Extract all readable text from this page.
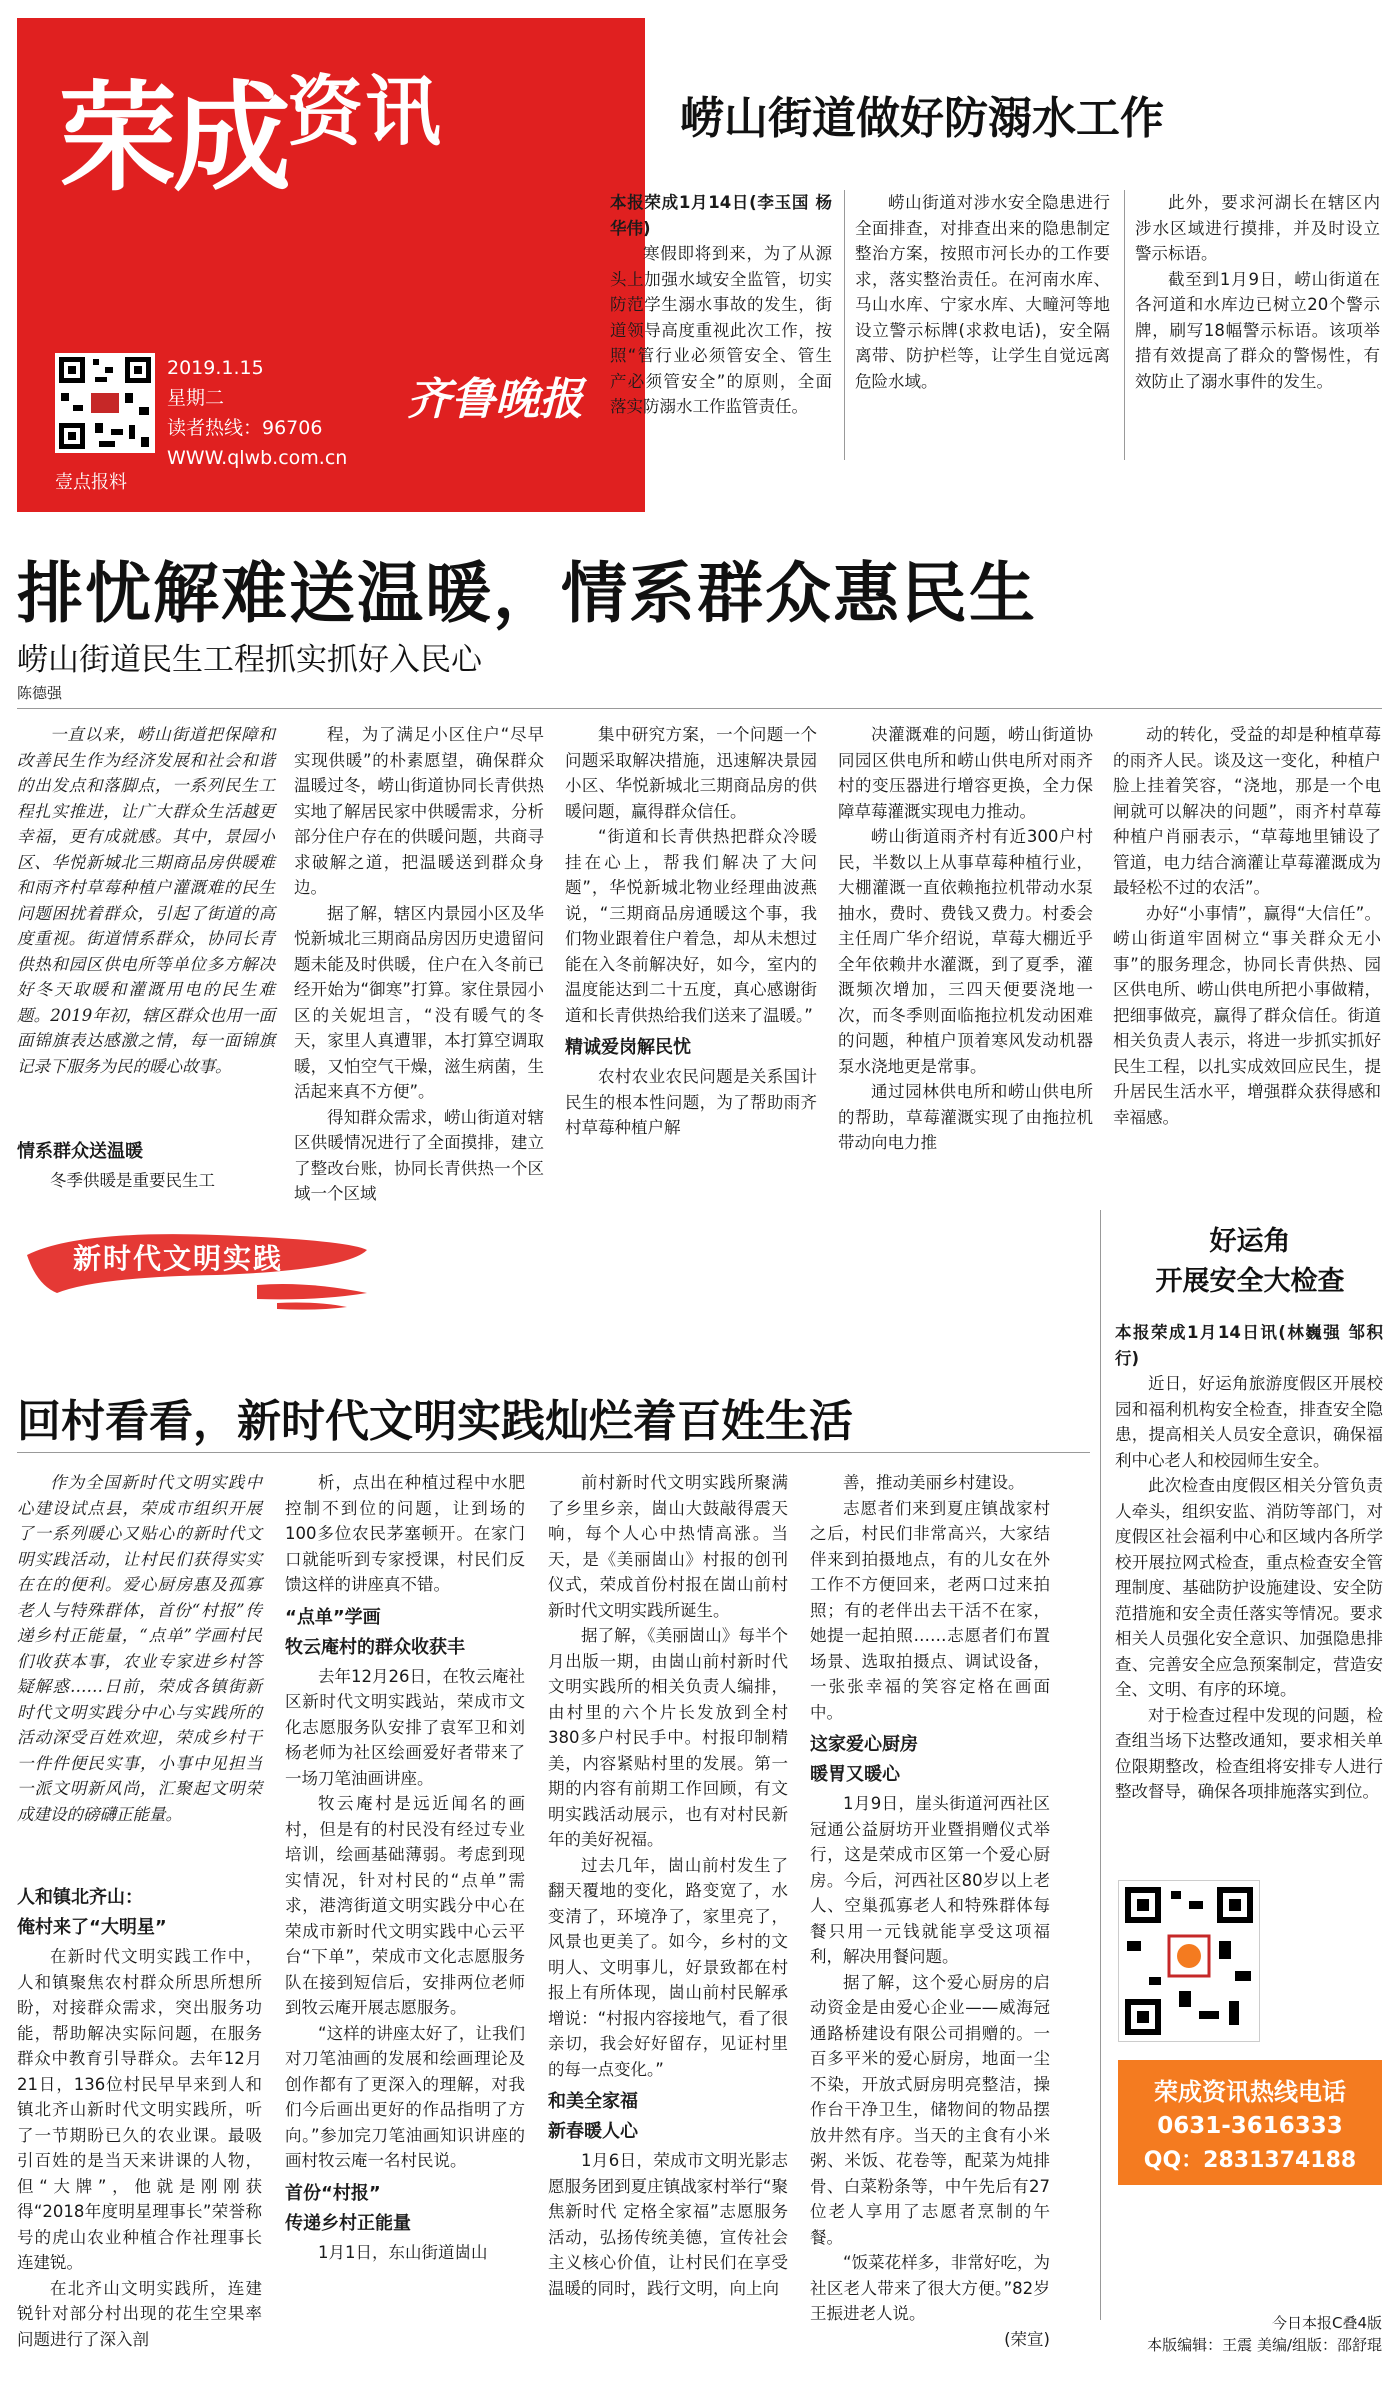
荣成资讯
壹点报料
2019.1.15
星期二
读者热线：96706
WWW.qlwb.com.cn
齐鲁晚报
崂山街道做好防溺水工作
本报荣成1月14日(李玉国 杨华伟)

寒假即将到来，为了从源头上加强水域安全监管，切实防范学生溺水事故的发生，街道领导高度重视此次工作，按照“管行业必须管安全、管生产必须管安全”的原则，全面落实防溺水工作监管责任。

崂山街道对涉水安全隐患进行全面排查，对排查出来的隐患制定整治方案，按照市河长办的工作要求，落实整治责任。在河南水库、马山水库、宁家水库、大疃河等地设立警示标牌(求救电话)，安全隔离带、防护栏等，让学生自觉远离危险水域。

此外，要求河湖长在辖区内涉水区域进行摸排，并及时设立警示标语。

截至到1月9日，崂山街道在各河道和水库边已树立20个警示牌，刷写18幅警示标语。该项举措有效提高了群众的警惕性，有效防止了溺水事件的发生。

排忧解难送温暖，情系群众惠民生
崂山街道民生工程抓实抓好入民心
陈德强

一直以来，崂山街道把保障和改善民生作为经济发展和社会和谐的出发点和落脚点，一系列民生工程扎实推进，让广大群众生活越更幸福，更有成就感。其中，景园小区、华悦新城北三期商品房供暖难和雨齐村草莓种植户灌溉难的民生问题困扰着群众，引起了街道的高度重视。街道情系群众，协同长青供热和园区供电所等单位多方解决好冬天取暖和灌溉用电的民生难题。2019年初，辖区群众也用一面面锦旗表达感激之情，每一面锦旗记录下服务为民的暖心故事。

情系群众送温暖

冬季供暖是重要民生工

程，为了满足小区住户“尽早实现供暖”的朴素愿望，确保群众温暖过冬，崂山街道协同长青供热实地了解居民家中供暖需求，分析部分住户存在的供暖问题，共商寻求破解之道，把温暖送到群众身边。

据了解，辖区内景园小区及华悦新城北三期商品房因历史遗留问题未能及时供暖，住户在入冬前已经开始为“御寒”打算。家住景园小区的关妮坦言，“没有暖气的冬天，家里人真遭罪，本打算空调取暖，又怕空气干燥，滋生病菌，生活起来真不方便”。

得知群众需求，崂山街道对辖区供暖情况进行了全面摸排，建立了整改台账，协同长青供热一个区域一个区域

集中研究方案，一个问题一个问题采取解决措施，迅速解决景园小区、华悦新城北三期商品房的供暖问题，赢得群众信任。

“街道和长青供热把群众冷暖挂在心上，帮我们解决了大问题”，华悦新城北物业经理曲波燕说，“三期商品房通暖这个事，我们物业跟着住户着急，却从未想过能在入冬前解决好，如今，室内的温度能达到二十五度，真心感谢街道和长青供热给我们送来了温暖。”

精诚爱岗解民忧

农村农业农民问题是关系国计民生的根本性问题，为了帮助雨齐村草莓种植户解

决灌溉难的问题，崂山街道协同园区供电所和崂山供电所对雨齐村的变压器进行增容更换，全力保障草莓灌溉实现电力推动。

崂山街道雨齐村有近300户村民，半数以上从事草莓种植行业，大棚灌溉一直依赖拖拉机带动水泵抽水，费时、费钱又费力。村委会主任周广华介绍说，草莓大棚近乎全年依赖井水灌溉，到了夏季，灌溉频次增加，三四天便要浇地一次，而冬季则面临拖拉机发动困难的问题，种植户顶着寒风发动机器泵水浇地更是常事。

通过园林供电所和崂山供电所的帮助，草莓灌溉实现了由拖拉机带动向电力推

动的转化，受益的却是种植草莓的雨齐人民。谈及这一变化，种植户脸上挂着笑容，“浇地，那是一个电闸就可以解决的问题”，雨齐村草莓种植户肖丽表示，“草莓地里铺设了管道，电力结合滴灌让草莓灌溉成为最轻松不过的农活”。

办好“小事情”，赢得“大信任”。崂山街道牢固树立“事关群众无小事”的服务理念，协同长青供热、园区供电所、崂山供电所把小事做精，把细事做亮，赢得了群众信任。街道相关负责人表示，将进一步抓实抓好民生工程，以扎实成效回应民生，提升居民生活水平，增强群众获得感和幸福感。

新时代文明实践
回村看看，新时代文明实践灿烂着百姓生活

作为全国新时代文明实践中心建设试点县，荣成市组织开展了一系列暖心又贴心的新时代文明实践活动，让村民们获得实实在在的便利。爱心厨房惠及孤寡老人与特殊群体，首份“村报”传递乡村正能量，“点单”学画村民们收获本事，农业专家进乡村答疑解惑……日前，荣成各镇街新时代文明实践分中心与实践所的活动深受百姓欢迎，荣成乡村干一件件便民实事，小事中见担当一派文明新风尚，汇聚起文明荣成建设的磅礴正能量。

人和镇北齐山：
俺村来了“大明星”

在新时代文明实践工作中，人和镇聚焦农村群众所思所想所盼，对接群众需求，突出服务功能，帮助解决实际问题，在服务群众中教育引导群众。去年12月21日，136位村民早早来到人和镇北齐山新时代文明实践所，听了一节期盼已久的农业课。最吸引百姓的是当天来讲课的人物，但“大牌”，他就是刚刚获得“2018年度明星理事长”荣誉称号的虎山农业种植合作社理事长连建锐。

在北齐山文明实践所，连建锐针对部分村出现的花生空果率问题进行了深入剖

析，点出在种植过程中水肥控制不到位的问题，让到场的100多位农民茅塞顿开。在家门口就能听到专家授课，村民们反馈这样的讲座真不错。

“点单”学画
牧云庵村的群众收获丰

去年12月26日，在牧云庵社区新时代文明实践站，荣成市文化志愿服务队安排了袁军卫和刘杨老师为社区绘画爱好者带来了一场刀笔油画讲座。

牧云庵村是远近闻名的画村，但是有的村民没有经过专业培训，绘画基础薄弱。考虑到现实情况，针对村民的“点单”需求，港湾街道文明实践分中心在荣成市新时代文明实践中心云平台“下单”，荣成市文化志愿服务队在接到短信后，安排两位老师到牧云庵开展志愿服务。

“这样的讲座太好了，让我们对刀笔油画的发展和绘画理论及创作都有了更深入的理解，对我们今后画出更好的作品指明了方向。”参加完刀笔油画知识讲座的画村牧云庵一名村民说。

首份“村报”
传递乡村正能量

1月1日，东山街道崮山

前村新时代文明实践所聚满了乡里乡亲，崮山大鼓敲得震天响，每个人心中热情高涨。当天，是《美丽崮山》村报的创刊仪式，荣成首份村报在崮山前村新时代文明实践所诞生。

据了解，《美丽崮山》每半个月出版一期，由崮山前村新时代文明实践所的相关负责人编排，由村里的六个片长发放到全村380多户村民手中。村报印制精美，内容紧贴村里的发展。第一期的内容有前期工作回顾，有文明实践活动展示，也有对村民新年的美好祝福。

过去几年，崮山前村发生了翻天覆地的变化，路变宽了，水变清了，环境净了，家里亮了，风景也更美了。如今，乡村的文明人、文明事儿，好景致都在村报上有所体现，崮山前村民解承增说：“村报内容接地气，看了很亲切，我会好好留存，见证村里的每一点变化。”

和美全家福
新春暖人心

1月6日，荣成市文明光影志愿服务团到夏庄镇战家村举行“聚焦新时代 定格全家福”志愿服务活动，弘扬传统美德，宣传社会主义核心价值，让村民们在享受温暖的同时，践行文明，向上向

善，推动美丽乡村建设。

志愿者们来到夏庄镇战家村之后，村民们非常高兴，大家结伴来到拍摄地点，有的儿女在外工作不方便回来，老两口过来拍照；有的老伴出去干活不在家，她提一起拍照……志愿者们布置场景、选取拍摄点、调试设备，一张张幸福的笑容定格在画面中。

这家爱心厨房
暖胃又暖心

1月9日，崖头街道河西社区冠通公益厨坊开业暨捐赠仪式举行，这是荣成市区第一个爱心厨房。今后，河西社区80岁以上老人、空巢孤寡老人和特殊群体每餐只用一元钱就能享受这项福利，解决用餐问题。

据了解，这个爱心厨房的启动资金是由爱心企业——威海冠通路桥建设有限公司捐赠的。一百多平米的爱心厨房，地面一尘不染，开放式厨房明亮整洁，操作台干净卫生，储物间的物品摆放井然有序。当天的主食有小米粥、米饭、花卷等，配菜为炖排骨、白菜粉条等，中午先后有27位老人享用了志愿者烹制的午餐。

“饭菜花样多，非常好吃，为社区老人带来了很大方便。”82岁王振进老人说。

(荣宣)
好运角
开展安全大检查
本报荣成1月14日讯(林巍强 邹积行)

近日，好运角旅游度假区开展校园和福利机构安全检查，排查安全隐患，提高相关人员安全意识，确保福利中心老人和校园师生安全。

此次检查由度假区相关分管负责人牵头，组织安监、消防等部门，对度假区社会福利中心和区域内各所学校开展拉网式检查，重点检查安全管理制度、基础防护设施建设、安全防范措施和安全责任落实等情况。要求相关人员强化安全意识、加强隐患排查、完善安全应急预案制定，营造安全、文明、有序的环境。

对于检查过程中发现的问题，检查组当场下达整改通知，要求相关单位限期整改，检查组将安排专人进行整改督导，确保各项排施落实到位。

荣成资讯热线电话
0631-3616333
QQ：2831374188
今日本报C叠4版
本版编辑：王震 美编/组版：邵舒琨
